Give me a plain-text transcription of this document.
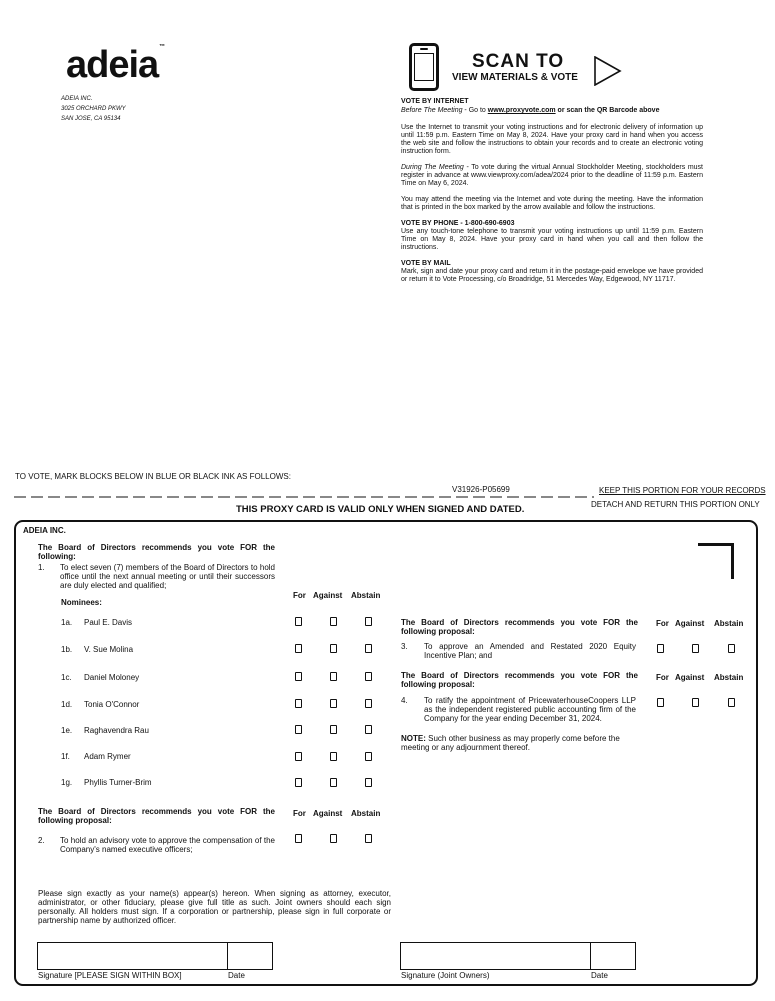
adeia™
ADEIA INC.
3025 ORCHARD PKWY
SAN JOSE, CA 95134
SCAN TO
VIEW MATERIALS & VOTE
VOTE BY INTERNET
Before The Meeting - Go to www.proxyvote.com or scan the QR Barcode above
Use the Internet to transmit your voting instructions and for electronic delivery of information up until 11:59 p.m. Eastern Time on May 8, 2024. Have your proxy card in hand when you access the web site and follow the instructions to obtain your records and to create an electronic voting instruction form.
During The Meeting - To vote during the virtual Annual Stockholder Meeting, stockholders must register in advance at www.viewproxy.com/adea/2024 prior to the deadline of 11:59 p.m. Eastern Time on May 6, 2024.
You may attend the meeting via the Internet and vote during the meeting. Have the information that is printed in the box marked by the arrow available and follow the instructions.
VOTE BY PHONE - 1-800-690-6903
Use any touch-tone telephone to transmit your voting instructions up until 11:59 p.m. Eastern Time on May 8, 2024. Have your proxy card in hand when you call and then follow the instructions.
VOTE BY MAIL
Mark, sign and date your proxy card and return it in the postage-paid envelope we have provided or return it to Vote Processing, c/o Broadridge, 51 Mercedes Way, Edgewood, NY 11717.
TO VOTE, MARK BLOCKS BELOW IN BLUE OR BLACK INK AS FOLLOWS:
V31926-P05699	KEEP THIS PORTION FOR YOUR RECORDS
DETACH AND RETURN THIS PORTION ONLY
THIS PROXY CARD IS VALID ONLY WHEN SIGNED AND DATED.
ADEIA INC.
The Board of Directors recommends you vote FOR the following:
1. To elect seven (7) members of the Board of Directors to hold office until the next annual meeting or until their successors are duly elected and qualified;
Nominees:
For Against Abstain
1a. Paul E. Davis
1b. V. Sue Molina
1c. Daniel Moloney
1d. Tonia O'Connor
1e. Raghavendra Rau
1f. Adam Rymer
1g. Phyllis Turner-Brim
The Board of Directors recommends you vote FOR the following proposal:
For Against Abstain
2. To hold an advisory vote to approve the compensation of the Company's named executive officers;
The Board of Directors recommends you vote FOR the following proposal:
For Against Abstain
3. To approve an Amended and Restated 2020 Equity Incentive Plan; and
The Board of Directors recommends you vote FOR the following proposal:
For Against Abstain
4. To ratify the appointment of PricewaterhouseCoopers LLP as the independent registered public accounting firm of the Company for the year ending December 31, 2024.
NOTE: Such other business as may properly come before the meeting or any adjournment thereof.
Please sign exactly as your name(s) appear(s) hereon. When signing as attorney, executor, administrator, or other fiduciary, please give full title as such. Joint owners should each sign personally. All holders must sign. If a corporation or partnership, please sign in full corporate or partnership name by authorized officer.
Signature [PLEASE SIGN WITHIN BOX]	Date	Signature (Joint Owners)	Date
